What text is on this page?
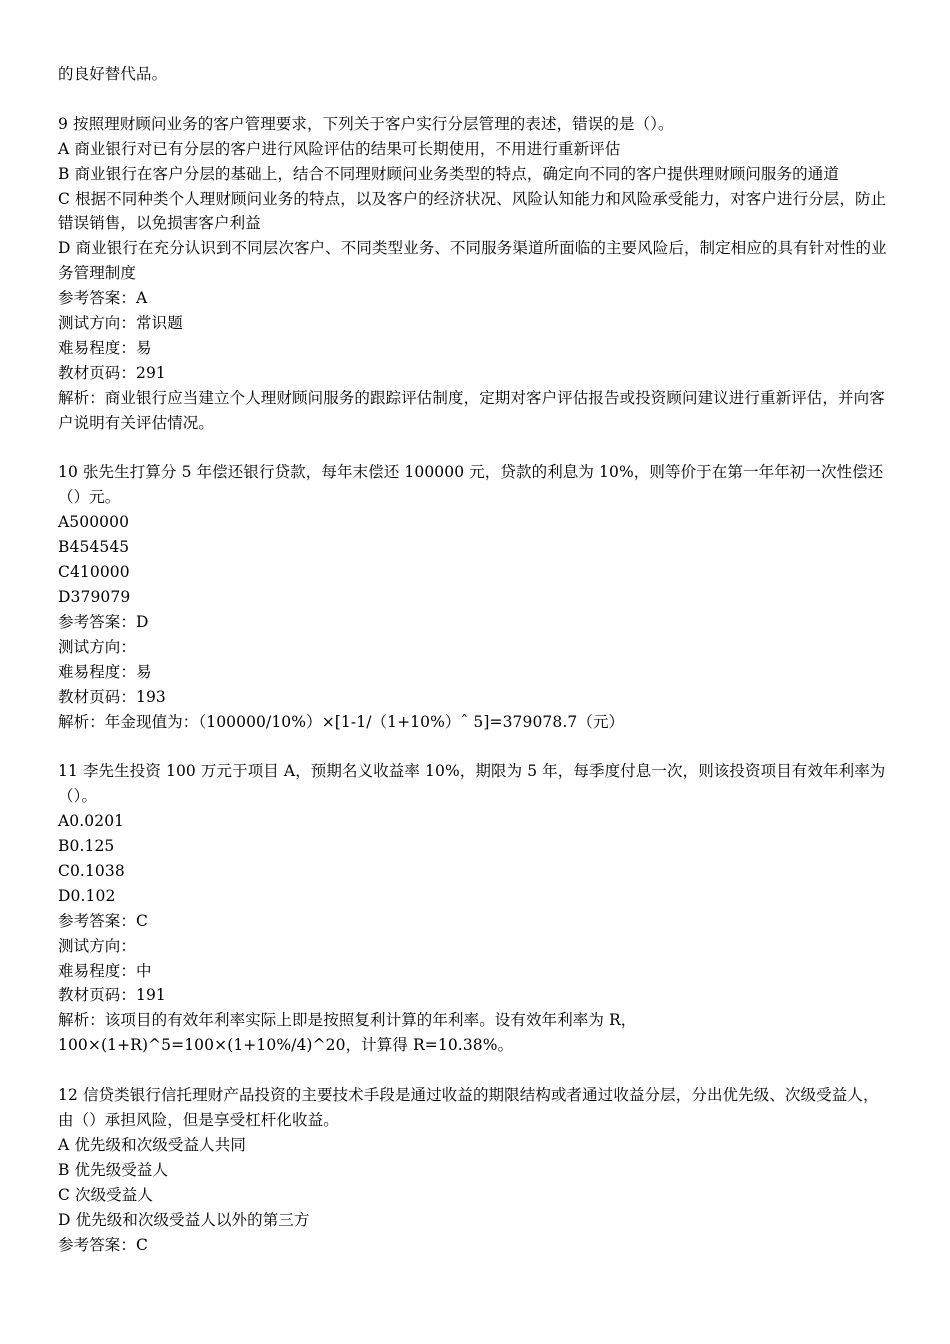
的良好替代品。
9 按照理财顾问业务的客户管理要求，下列关于客户实行分层管理的表述，错误的是（）。
A 商业银行对已有分层的客户进行风险评估的结果可长期使用，不用进行重新评估
B 商业银行在客户分层的基础上，结合不同理财顾问业务类型的特点，确定向不同的客户提供理财顾问服务的通道
C 根据不同种类个人理财顾问业务的特点，以及客户的经济状况、风险认知能力和风险承受能力，对客户进行分层，防止错误销售，以免损害客户利益
D 商业银行在充分认识到不同层次客户、不同类型业务、不同服务渠道所面临的主要风险后，制定相应的具有针对性的业务管理制度
参考答案：A
测试方向：常识题
难易程度：易
教材页码：291
解析：商业银行应当建立个人理财顾问服务的跟踪评估制度，定期对客户评估报告或投资顾问建议进行重新评估，并向客户说明有关评估情况。
10 张先生打算分 5 年偿还银行贷款，每年末偿还 100000 元，贷款的利息为 10%，则等价于在第一年年初一次性偿还（）元。
A500000
B454545
C410000
D379079
参考答案：D
测试方向：
难易程度：易
教材页码：193
解析：年金现值为：（100000/10%）×[1-1/（1+10%）ˆ 5]=379078.7（元）
11 李先生投资 100 万元于项目 A，预期名义收益率 10%，期限为 5 年，每季度付息一次，则该投资项目有效年利率为（）。
A0.0201
B0.125
C0.1038
D0.102
参考答案：C
测试方向：
难易程度：中
教材页码：191
解析：该项目的有效年利率实际上即是按照复利计算的年利率。设有效年利率为 R，100×(1+R)^5=100×(1+10%/4)^20，计算得 R=10.38%。
12 信贷类银行信托理财产品投资的主要技术手段是通过收益的期限结构或者通过收益分层，分出优先级、次级受益人，由（）承担风险，但是享受杠杆化收益。
A 优先级和次级受益人共同
B 优先级受益人
C 次级受益人
D 优先级和次级受益人以外的第三方
参考答案：C
